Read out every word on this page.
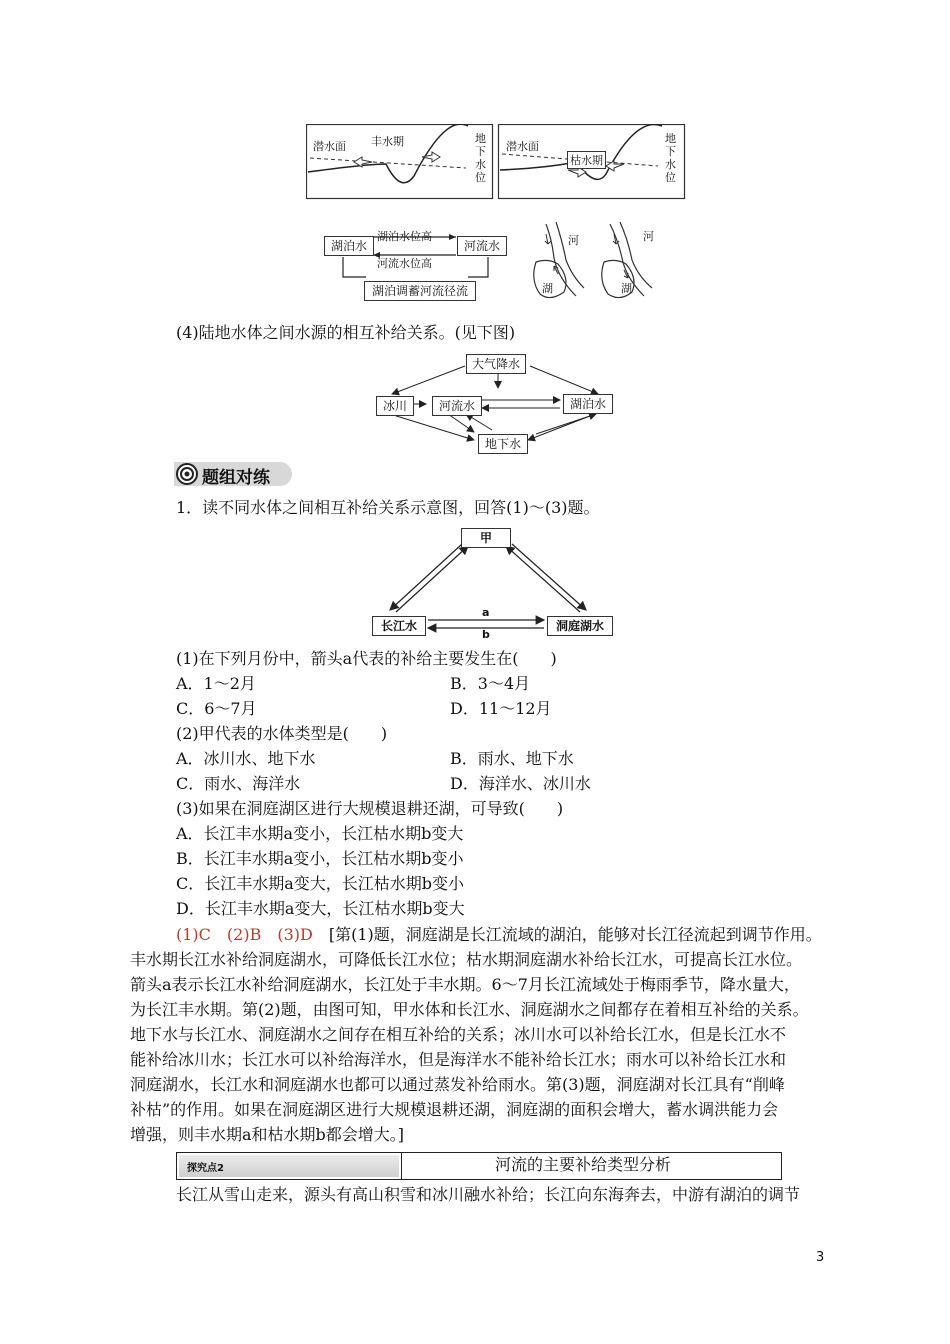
潜水面 丰水期	地
下
水
位
潜水面
枯水期
地
下
水
位
湖泊水	河流水
湖泊水位高
河流水位高
湖泊调蓄河流径流
河
湖
河
湖
(4)陆地水体之间水源的相互补给关系。(见下图)
大气降水
冰川	河流水	湖泊水
地下水
题组对练
1．读不同水体之间相互补给关系示意图，回答(1)～(3)题。
甲
长江水	洞庭湖水
a
b
(1)在下列月份中，箭头a代表的补给主要发生在(　　)
A．1～2月	B．3～4月
C．6～7月	D．11～12月
(2)甲代表的水体类型是(　　)
A．冰川水、地下水	B．雨水、地下水
C．雨水、海洋水	D．海洋水、冰川水
(3)如果在洞庭湖区进行大规模退耕还湖，可导致(　　)
A．长江丰水期a变小，长江枯水期b变大
B．长江丰水期a变小，长江枯水期b变小
C．长江丰水期a变大，长江枯水期b变小
D．长江丰水期a变大，长江枯水期b变大
(1)C　(2)B　(3)D　 [第(1)题，洞庭湖是长江流域的湖泊，能够对长江径流起到调节作用。
丰水期长江水补给洞庭湖水，可降低长江水位；枯水期洞庭湖水补给长江水，可提高长江水位。
箭头a表示长江水补给洞庭湖水，长江处于丰水期。6～7月长江流域处于梅雨季节，降水量大，
为长江丰水期。第(2)题，由图可知，甲水体和长江水、洞庭湖水之间都存在着相互补给的关系。
地下水与长江水、洞庭湖水之间存在相互补给的关系；冰川水可以补给长江水，但是长江水不
能补给冰川水；长江水可以补给海洋水，但是海洋水不能补给长江水；雨水可以补给长江水和
洞庭湖水，长江水和洞庭湖水也都可以通过蒸发补给雨水。第(3)题，洞庭湖对长江具有“削峰
补枯”的作用。如果在洞庭湖区进行大规模退耕还湖，洞庭湖的面积会增大，蓄水调洪能力会
增强，则丰水期a和枯水期b都会增大。]
探究点2	河流的主要补给类型分析
长江从雪山走来，源头有高山积雪和冰川融水补给；长江向东海奔去，中游有湖泊的调节
3
